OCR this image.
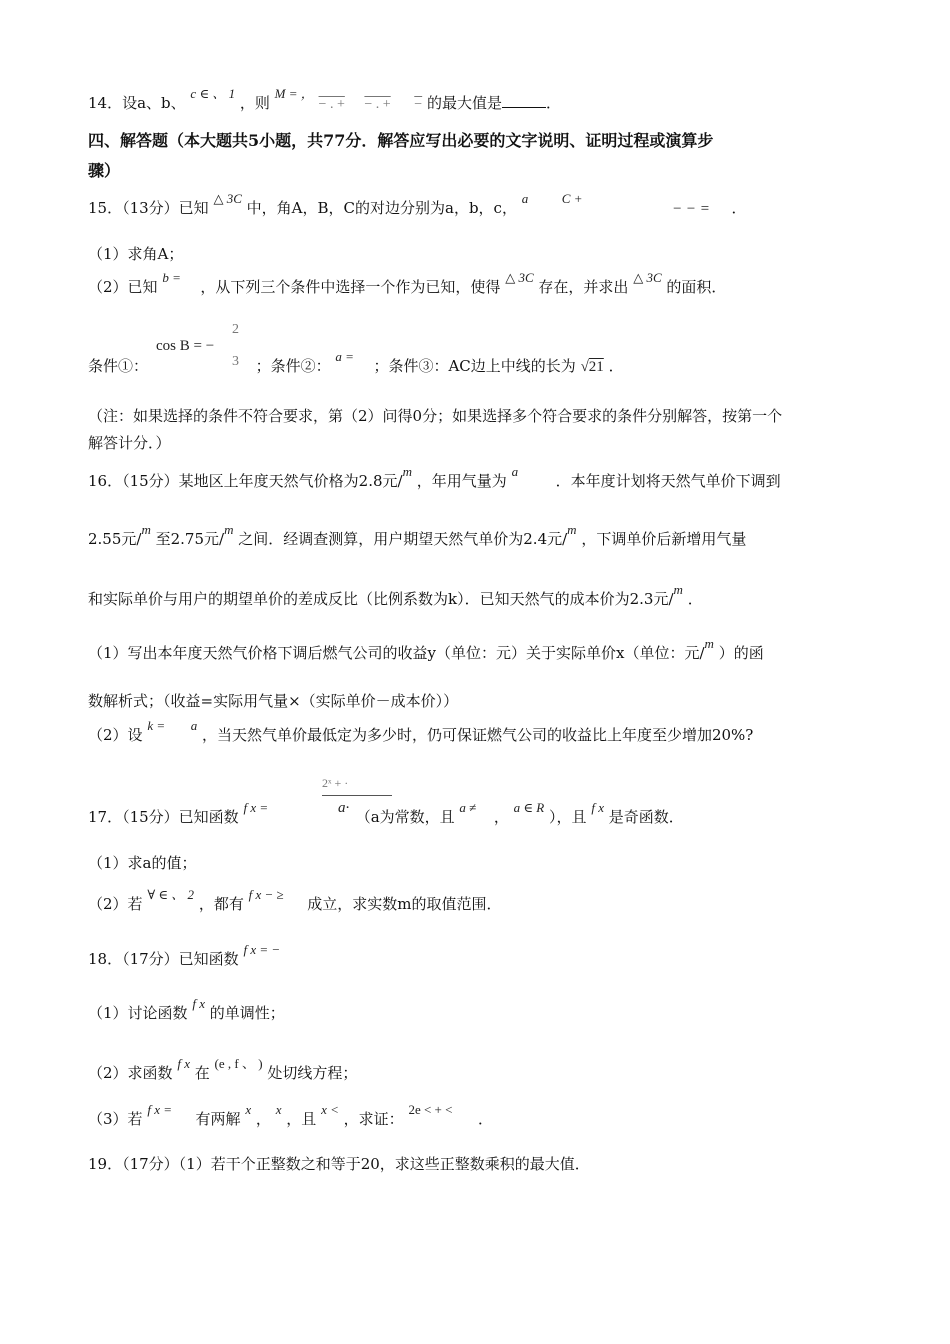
14．设a、b、 c ∈ 、 1 ，则 M = ， − . + − . + − 的最大值是	．
四、解答题（本大题共5小题，共77分．解答应写出必要的文字说明、证明过程或演算步
骤）
15．（13分）已知 △ 3C 中，角A，B，C的对边分别为a，b，c， a	C +  − − = ．
（1）求角A；
（2）已知 b =  ，从下列三个条件中选择一个作为已知，使得 △ 3C 存在，并求出 △ 3C 的面积．
2
cos B = −
3
条件①：	；条件②： a =  ；条件③：AC边上中线的长为 √21 ．
（注：如果选择的条件不符合要求，第（2）问得0分；如果选择多个符合要求的条件分别解答，按第一个
解答计分．）
16．（15分）某地区上年度天然气价格为2.8元/m ，年用气量为 a  ．本年度计划将天然气单价下调到
2.55元/m 至2.75元/m 之间．经调查测算，用户期望天然气单价为2.4元/m ，下调单价后新增用气量
和实际单价与用户的期望单价的差成反比（比例系数为k）．已知天然气的成本价为2.3元/m ．
（1）写出本年度天然气价格下调后燃气公司的收益y（单位：元）关于实际单价x（单位：元/m ）的函
数解析式；（收益=实际用气量×（实际单价－成本价））
（2）设 k = a ，当天然气单价最低定为多少时，仍可保证燃气公司的收益比上年度至少增加20%?
2ˣ + ·
a·
17．（15分）已知函数 f x =  （a为常数，且 a ≠  ， a ∈ R ），且 f x 是奇函数．
（1）求a的值；
（2）若 ∀ ∈ 、 2 ，都有 f x − ≥  成立，求实数m的取值范围．
18．（17分）已知函数 f x = −
（1）讨论函数 f x 的单调性；
（2）求函数 f x 在 (e , f 、 ) 处切线方程；
（3）若 f x =  有两解 x ， x ，且 x < ，求证： 2e < + <  ．
19．（17分）（1）若干个正整数之和等于20，求这些正整数乘积的最大值．
